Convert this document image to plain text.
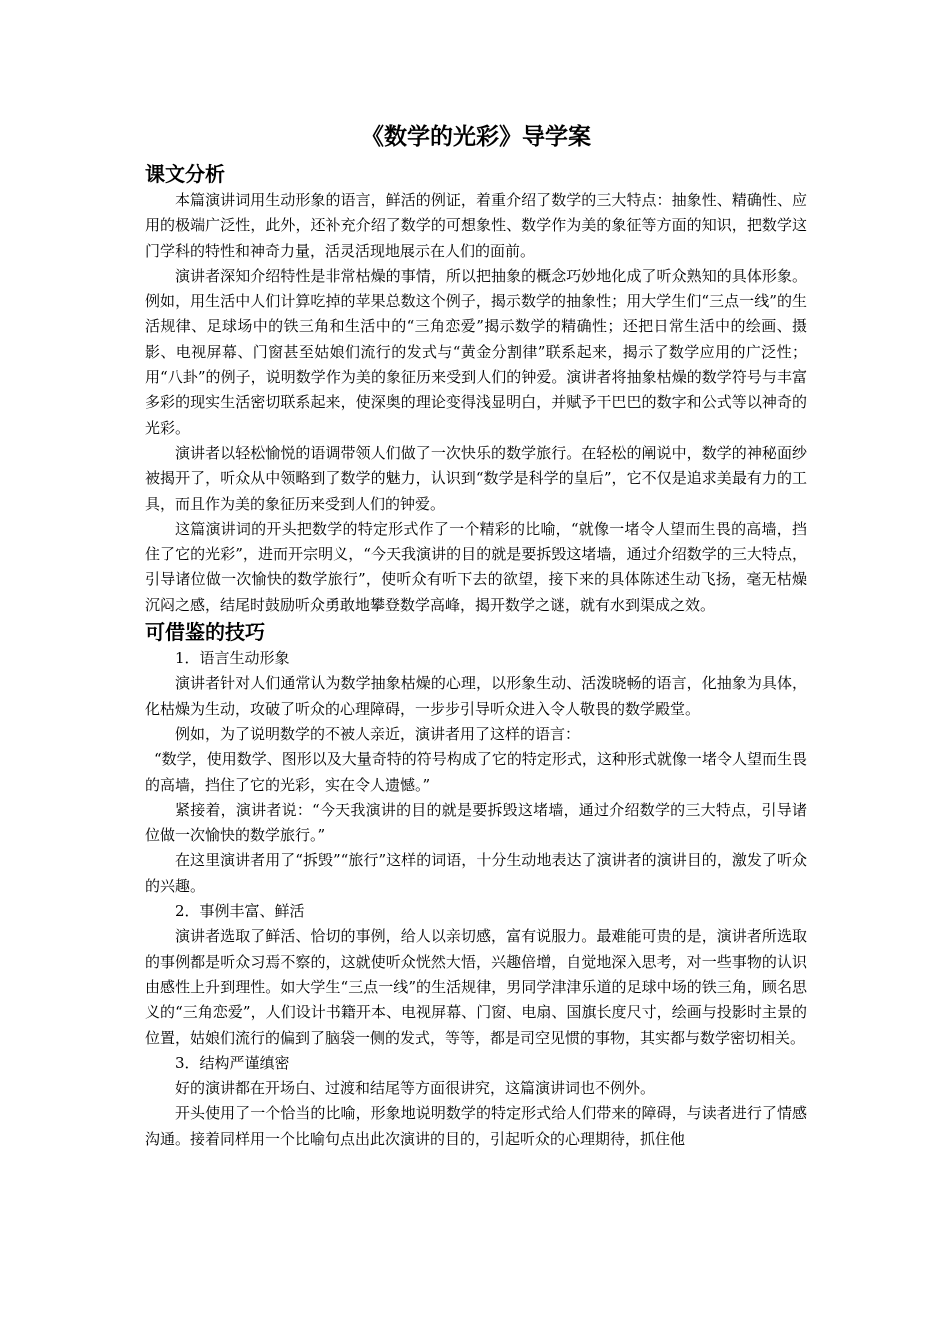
《数学的光彩》导学案
课文分析

本篇演讲词用生动形象的语言，鲜活的例证，着重介绍了数学的三大特点：抽象性、精确性、应用的极端广泛性，此外，还补充介绍了数学的可想象性、数学作为美的象征等方面的知识，把数学这门学科的特性和神奇力量，活灵活现地展示在人们的面前。

演讲者深知介绍特性是非常枯燥的事情，所以把抽象的概念巧妙地化成了听众熟知的具体形象。例如，用生活中人们计算吃掉的苹果总数这个例子，揭示数学的抽象性；用大学生们“三点一线”的生活规律、足球场中的铁三角和生活中的“三角恋爱”揭示数学的精确性；还把日常生活中的绘画、摄影、电视屏幕、门窗甚至姑娘们流行的发式与“黄金分割律”联系起来，揭示了数学应用的广泛性；用“八卦”的例子，说明数学作为美的象征历来受到人们的钟爱。演讲者将抽象枯燥的数学符号与丰富多彩的现实生活密切联系起来，使深奥的理论变得浅显明白，并赋予干巴巴的数字和公式等以神奇的光彩。

演讲者以轻松愉悦的语调带领人们做了一次快乐的数学旅行。在轻松的阐说中，数学的神秘面纱被揭开了，听众从中领略到了数学的魅力，认识到“数学是科学的皇后”，它不仅是追求美最有力的工具，而且作为美的象征历来受到人们的钟爱。

这篇演讲词的开头把数学的特定形式作了一个精彩的比喻，“就像一堵令人望而生畏的高墙，挡住了它的光彩”，进而开宗明义，“今天我演讲的目的就是要拆毁这堵墙，通过介绍数学的三大特点，引导诸位做一次愉快的数学旅行”，使听众有听下去的欲望，接下来的具体陈述生动飞扬，毫无枯燥沉闷之感，结尾时鼓励听众勇敢地攀登数学高峰，揭开数学之谜，就有水到渠成之效。

可借鉴的技巧

1．语言生动形象

演讲者针对人们通常认为数学抽象枯燥的心理，以形象生动、活泼晓畅的语言，化抽象为具体，化枯燥为生动，攻破了听众的心理障碍，一步步引导听众进入令人敬畏的数学殿堂。

例如，为了说明数学的不被人亲近，演讲者用了这样的语言：

“数学，使用数学、图形以及大量奇特的符号构成了它的特定形式，这种形式就像一堵令人望而生畏的高墙，挡住了它的光彩，实在令人遗憾。”

紧接着，演讲者说：“今天我演讲的目的就是要拆毁这堵墙，通过介绍数学的三大特点，引导诸位做一次愉快的数学旅行。”

在这里演讲者用了“拆毁”“旅行”这样的词语，十分生动地表达了演讲者的演讲目的，激发了听众的兴趣。

2．事例丰富、鲜活

演讲者选取了鲜活、恰切的事例，给人以亲切感，富有说服力。最难能可贵的是，演讲者所选取的事例都是听众习焉不察的，这就使听众恍然大悟，兴趣倍增，自觉地深入思考，对一些事物的认识由感性上升到理性。如大学生“三点一线”的生活规律，男同学津津乐道的足球中场的铁三角，顾名思义的“三角恋爱”，人们设计书籍开本、电视屏幕、门窗、电扇、国旗长度尺寸，绘画与投影时主景的位置，姑娘们流行的偏到了脑袋一侧的发式，等等，都是司空见惯的事物，其实都与数学密切相关。

3．结构严谨缜密

好的演讲都在开场白、过渡和结尾等方面很讲究，这篇演讲词也不例外。

开头使用了一个恰当的比喻，形象地说明数学的特定形式给人们带来的障碍，与读者进行了情感沟通。接着同样用一个比喻句点出此次演讲的目的，引起听众的心理期待，抓住他
